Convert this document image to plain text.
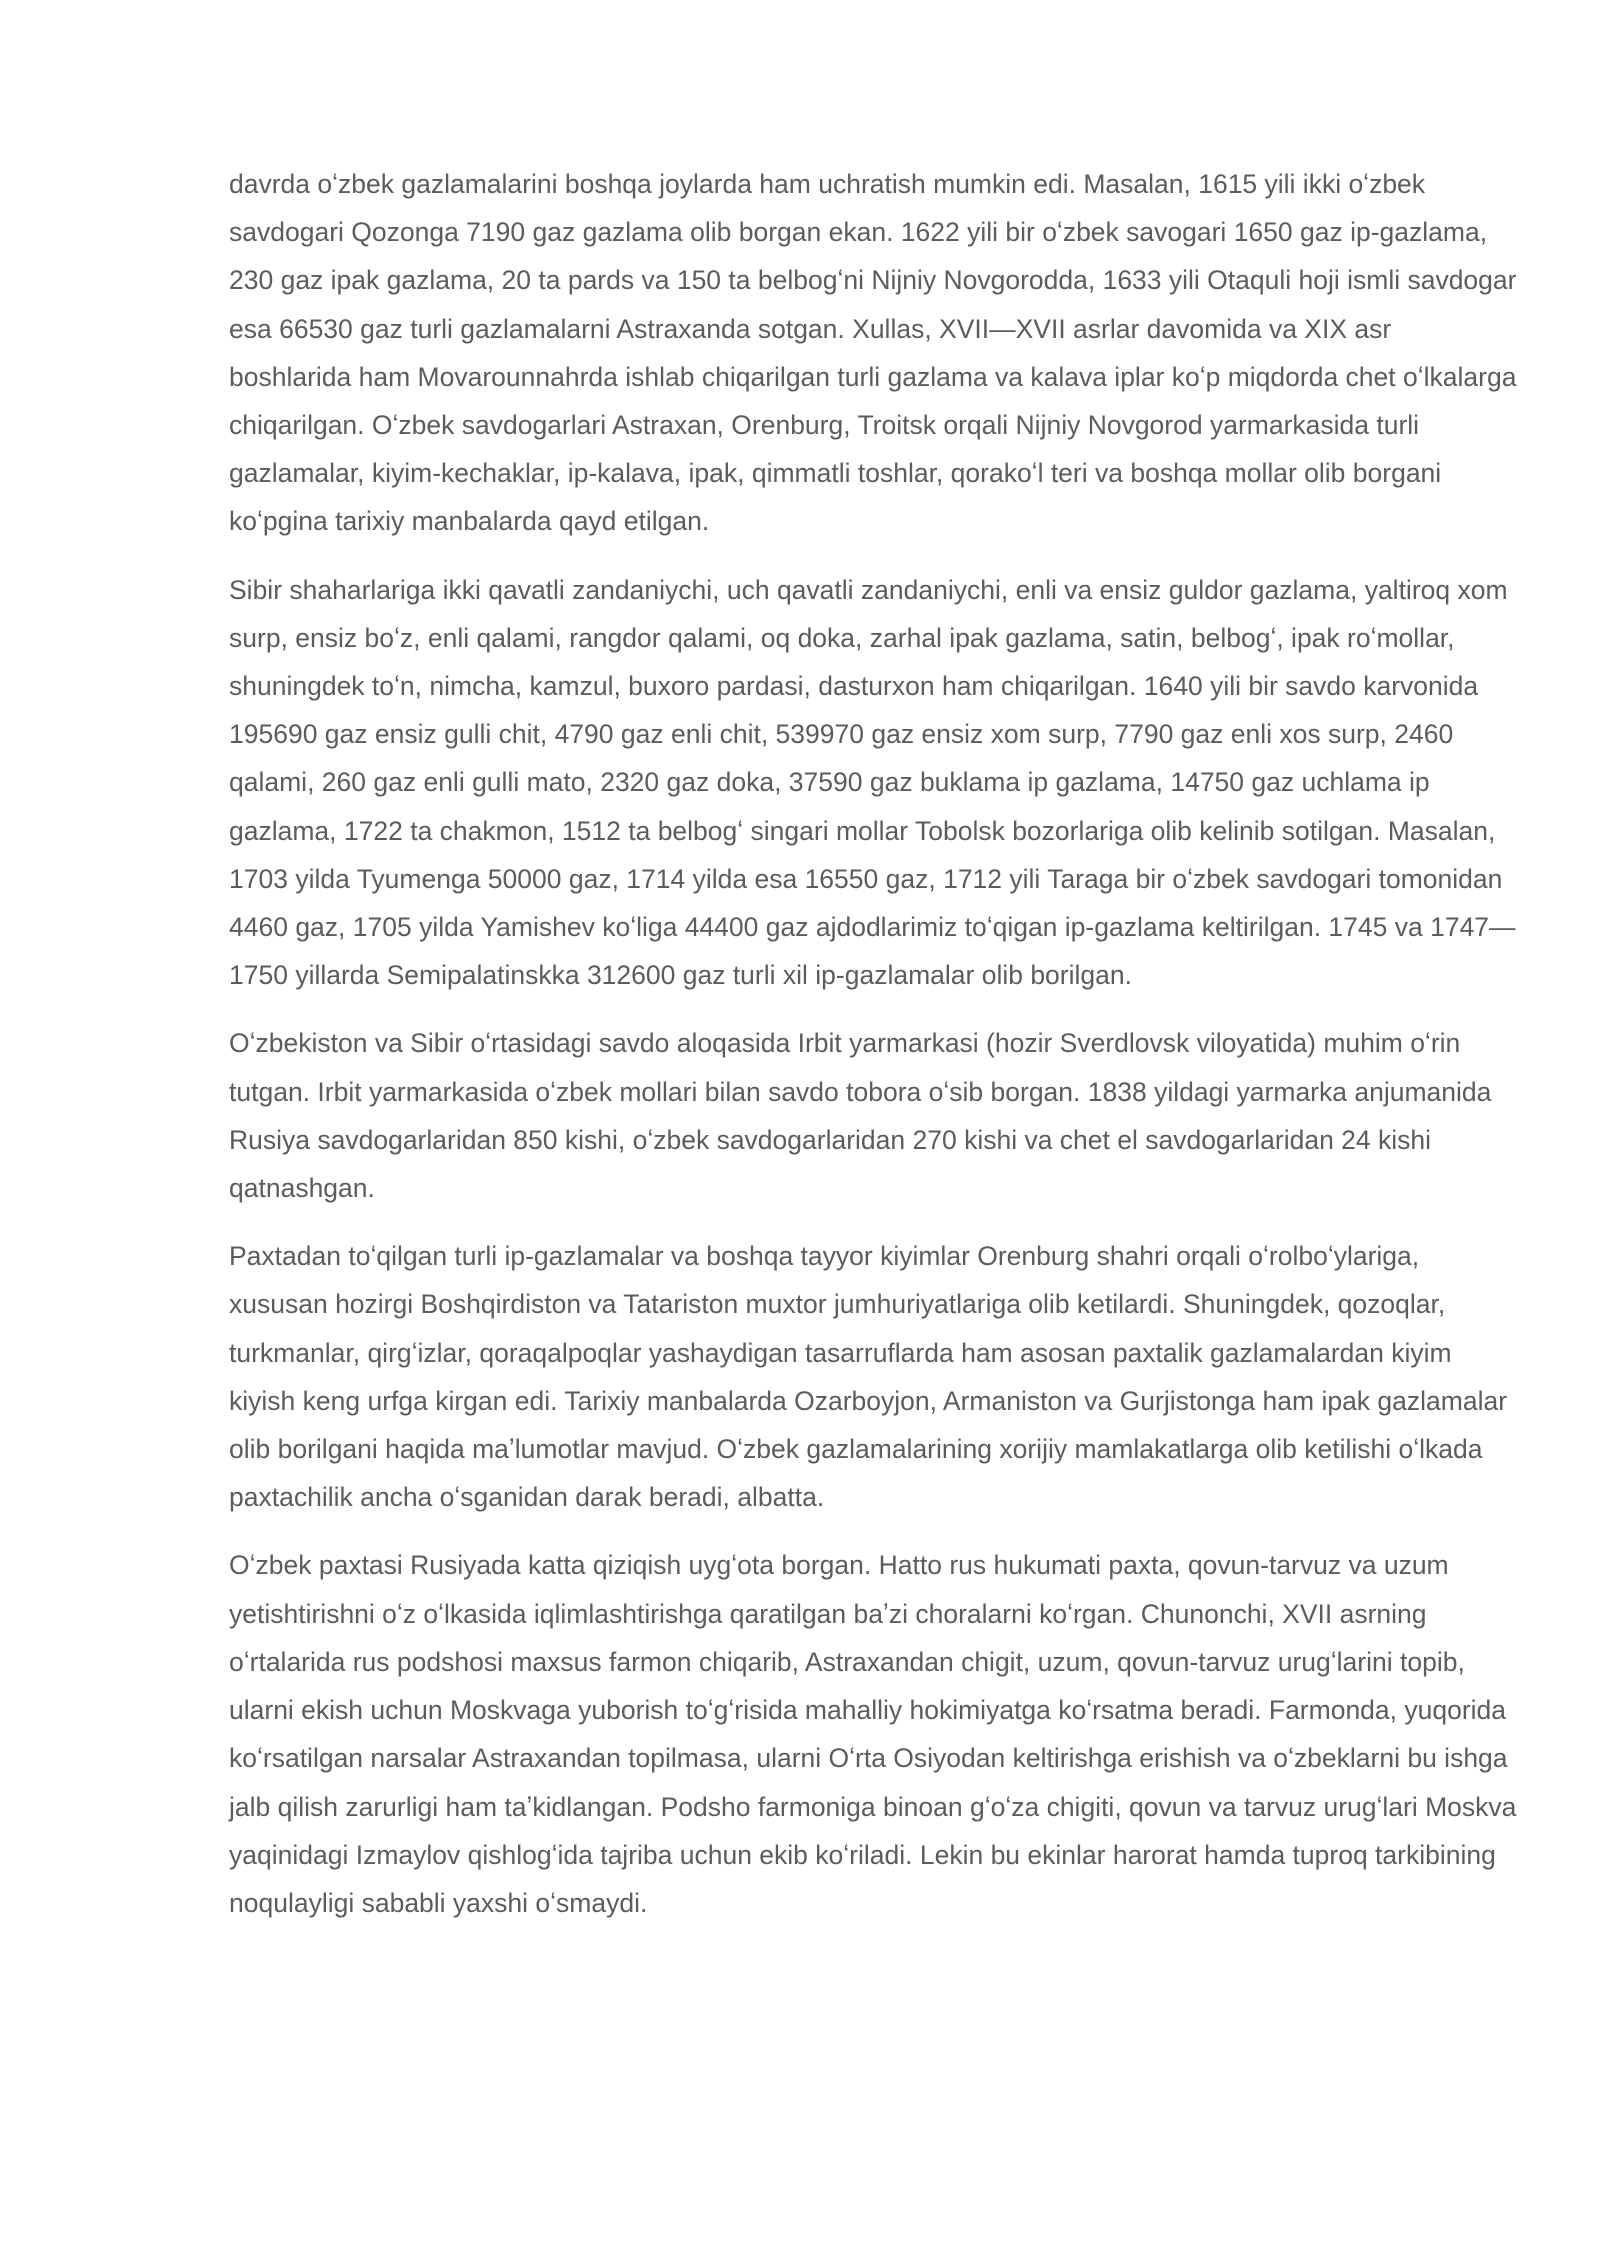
davrda oʻzbek gazlamalarini boshqa joylarda ham uchratish mumkin edi. Masalan, 1615 yili ikki oʻzbek savdogari Qozonga 7190 gaz gazlama olib borgan ekan. 1622 yili bir oʻzbek savogari 1650 gaz ip-gazlama, 230 gaz ipak gazlama, 20 ta pards va 150 ta belbogʻni Nijniy Novgorodda, 1633 yili Otaquli hoji ismli savdogar esa 66530 gaz turli gazlamalarni Astraxanda sotgan. Xullas, XVII—XVII asrlar davomida va XIX asr boshlarida ham Movarounnahrda ishlab chiqarilgan turli gazlama va kalava iplar koʻp miqdorda chet oʻlkalarga chiqarilgan. Oʻzbek savdogarlari Astraxan, Orenburg, Troitsk orqali Nijniy Novgorod yarmarkasida turli gazlamalar, kiyim-kechaklar, ip-kalava, ipak, qimmatli toshlar, qorakoʻl teri va boshqa mollar olib borgani koʻpgina tarixiy manbalarda qayd etilgan.

Sibir shaharlariga ikki qavatli zandaniychi, uch qavatli zandaniychi, enli va ensiz guldor gazlama, yaltiroq xom surp, ensiz boʻz, enli qalami, rangdor qalami, oq doka, zarhal ipak gazlama, satin, belbogʻ, ipak roʻmollar, shuningdek toʻn, nimcha, kamzul, buxoro pardasi, dasturxon ham chiqarilgan. 1640 yili bir savdo karvonida 195690 gaz ensiz gulli chit, 4790 gaz enli chit, 539970 gaz ensiz xom surp, 7790 gaz enli xos surp, 2460 qalami, 260 gaz enli gulli mato, 2320 gaz doka, 37590 gaz buklama ip gazlama, 14750 gaz uchlama ip gazlama, 1722 ta chakmon, 1512 ta belbogʻ singari mollar Tobolsk bozorlariga olib kelinib sotilgan. Masalan, 1703 yilda Tyumenga 50000 gaz, 1714 yilda esa 16550 gaz, 1712 yili Taraga bir oʻzbek savdogari tomonidan 4460 gaz, 1705 yilda Yamishev koʻliga 44400 gaz ajdodlarimiz toʻqigan ip-gazlama keltirilgan. 1745 va 1747—1750 yillarda Semipalatinskka 312600 gaz turli xil ip-gazlamalar olib borilgan.

Oʻzbekiston va Sibir oʻrtasidagi savdo aloqasida Irbit yarmarkasi (hozir Sverdlovsk viloyatida) muhim oʻrin tutgan. Irbit yarmarkasida oʻzbek mollari bilan savdo tobora oʻsib borgan. 1838 yildagi yarmarka anjumanida Rusiya savdogarlaridan 850 kishi, oʻzbek savdogarlaridan 270 kishi va chet el savdogarlaridan 24 kishi qatnashgan.

Paxtadan toʻqilgan turli ip-gazlamalar va boshqa tayyor kiyimlar Orenburg shahri orqali oʻrolboʻylariga, xususan hozirgi Boshqirdiston va Tatariston muxtor jumhuriyatlariga olib ketilardi. Shuningdek, qozoqlar, turkmanlar, qirgʻizlar, qoraqalpoqlar yashaydigan tasarruflarda ham asosan paxtalik gazlamalardan kiyim kiyish keng urfga kirgan edi. Tarixiy manbalarda Ozarboyjon, Armaniston va Gurjistonga ham ipak gazlamalar olib borilgani haqida maʼlumotlar mavjud. Oʻzbek gazlamalarining xorijiy mamlakatlarga olib ketilishi oʻlkada paxtachilik ancha oʻsganidan darak beradi, albatta.

Oʻzbek paxtasi Rusiyada katta qiziqish uygʻota borgan. Hatto rus hukumati paxta, qovun-tarvuz va uzum yetishtirishni oʻz oʻlkasida iqlimlashtirishga qaratilgan baʼzi choralarni koʻrgan. Chunonchi, XVII asrning oʻrtalarida rus podshosi maxsus farmon chiqarib, Astraxandan chigit, uzum, qovun-tarvuz urugʻlarini topib, ularni ekish uchun Moskvaga yuborish toʻgʻrisida mahalliy hokimiyatga koʻrsatma beradi. Farmonda, yuqorida koʻrsatilgan narsalar Astraxandan topilmasa, ularni Oʻrta Osiyodan keltirishga erishish va oʻzbeklarni bu ishga jalb qilish zarurligi ham taʼkidlangan. Podsho farmoniga binoan gʻoʻza chigiti, qovun va tarvuz urugʻlari Moskva yaqinidagi Izmaylov qishlogʻida tajriba uchun ekib koʻriladi. Lekin bu ekinlar harorat hamda tuproq tarkibining noqulayligi sababli yaxshi oʻsmaydi.
